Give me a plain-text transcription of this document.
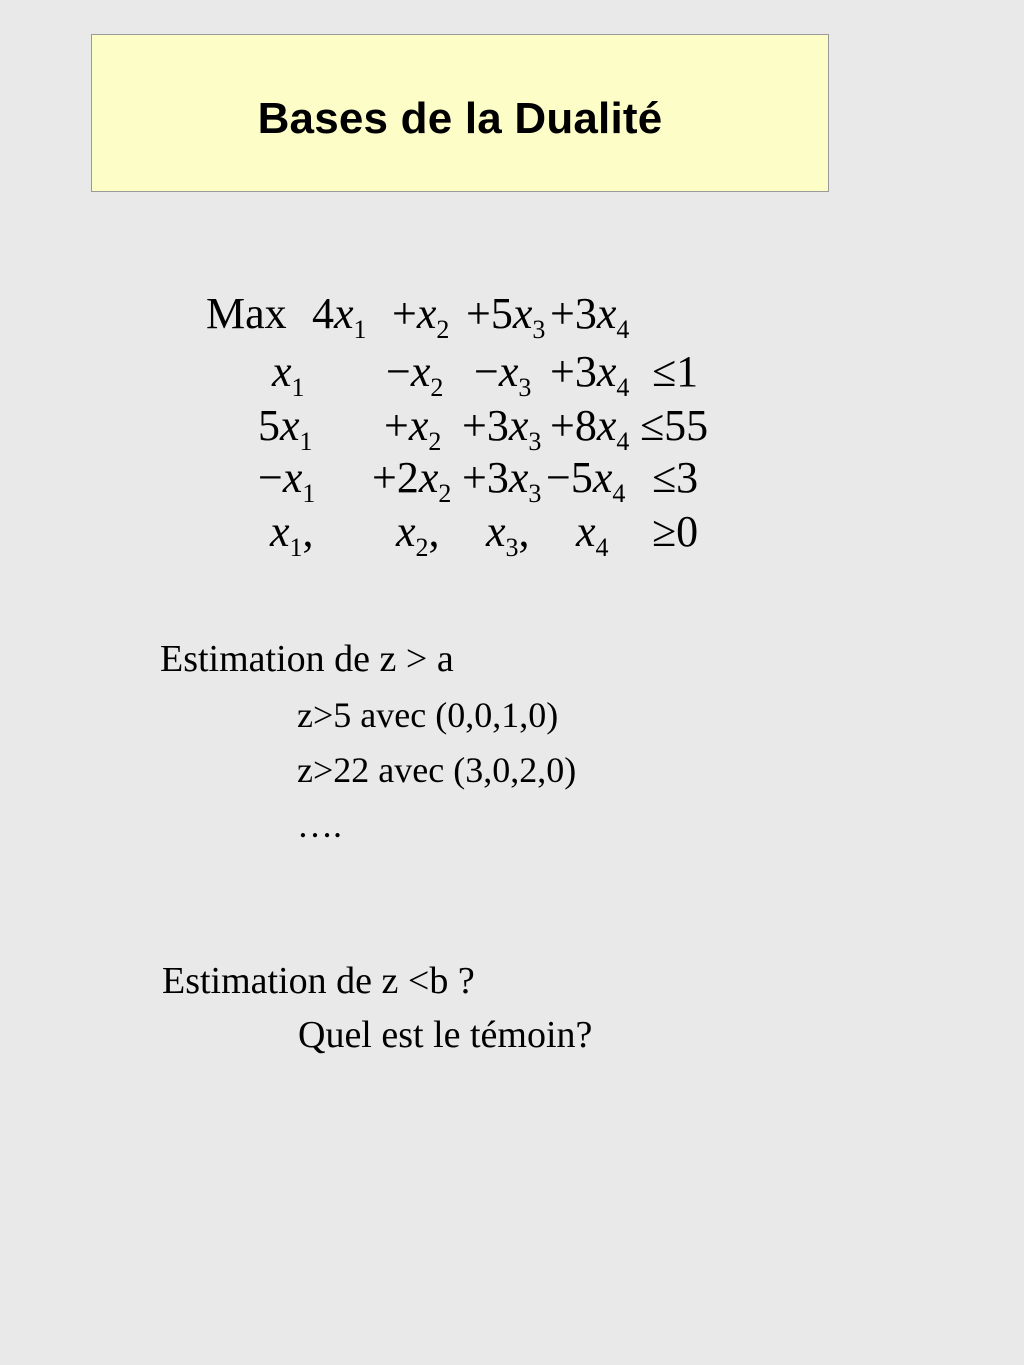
Bases de la Dualité
Max $4x_1 +x_2 +5x_3 +3x_4$
$x_1 -x_2 -x_3 +3x_4 \le 1$
$5x_1 +x_2 +3x_3 +8x_4 \le 55$
$-x_1 +2x_2 +3x_3 -5x_4 \le 3$
$x_1$, $x_2$, $x_3$, $x_4 \ge 0$
Estimation de z > a
z>5 avec (0,0,1,0)
z>22 avec (3,0,2,0)
….
Estimation de z <b ?
Quel est le témoin?
